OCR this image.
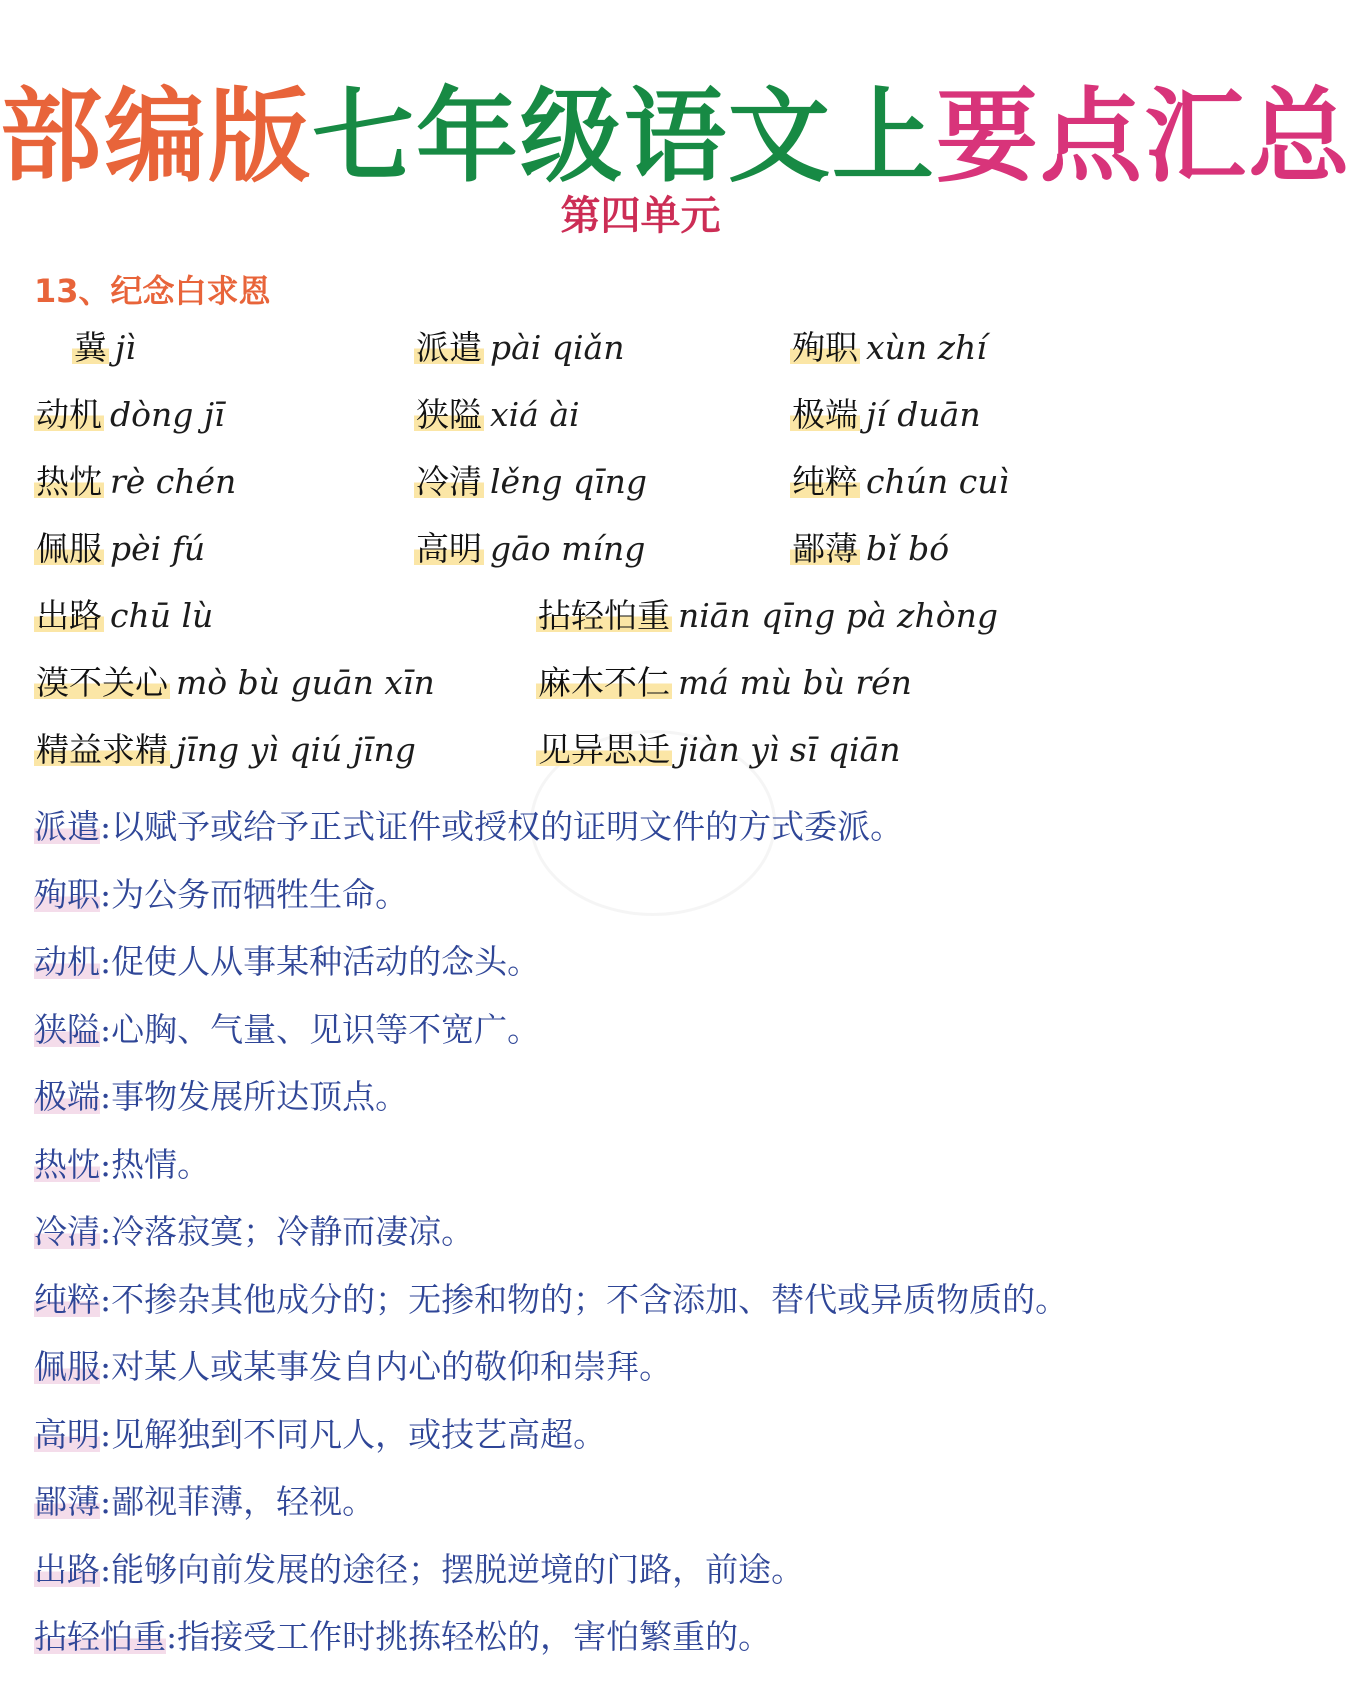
部编版七年级语文上要点汇总
第四单元
13、纪念白求恩
冀 jì	派遣 pài qiǎn	殉职 xùn zhí
动机 dòng jī	狭隘 xiá ài	极端 jí duān
热忱 rè chén	冷清 lěng qīng	纯粹 chún cuì
佩服 pèi fú	高明 gāo míng	鄙薄 bǐ bó
出路 chū lù	拈轻怕重 niān qīng pà zhòng
漠不关心 mò bù guān xīn	麻木不仁 má mù bù rén
精益求精 jīng yì qiú jīng	见异思迁 jiàn yì sī qiān
派遣:以赋予或给予正式证件或授权的证明文件的方式委派。
殉职:为公务而牺牲生命。
动机:促使人从事某种活动的念头。
狭隘:心胸、气量、见识等不宽广。
极端:事物发展所达顶点。
热忱:热情。
冷清:冷落寂寞；冷静而凄凉。
纯粹:不掺杂其他成分的；无掺和物的；不含添加、替代或异质物质的。
佩服:对某人或某事发自内心的敬仰和崇拜。
高明:见解独到不同凡人，或技艺高超。
鄙薄:鄙视菲薄，轻视。
出路:能够向前发展的途径；摆脱逆境的门路，前途。
拈轻怕重:指接受工作时挑拣轻松的，害怕繁重的。
